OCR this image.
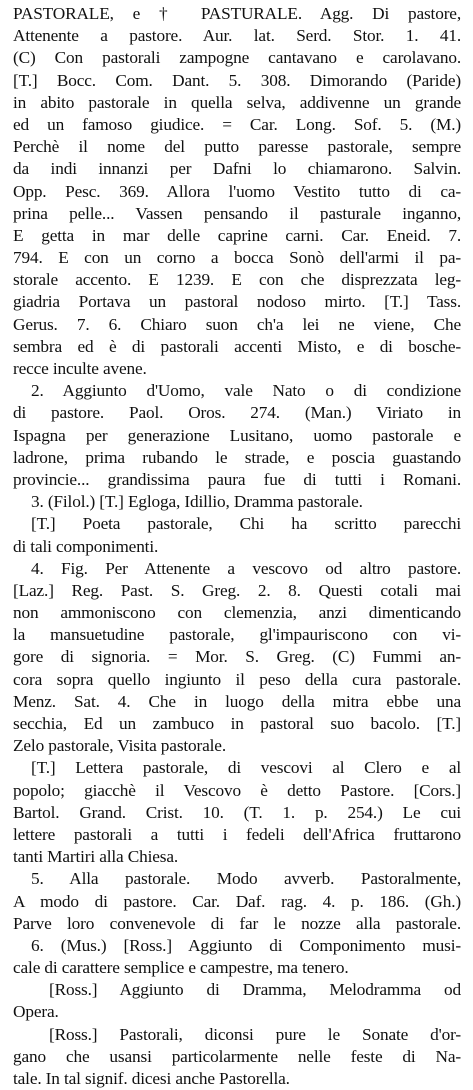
PASTORALE, e † PASTURALE. Agg. Di pastore,
Attenente a pastore. Aur. lat. Serd. Stor. 1. 41.
(C) Con pastorali zampogne cantavano e carolavano.
[T.] Bocc. Com. Dant. 5. 308. Dimorando (Paride)
in abito pastorale in quella selva, addivenne un grande
ed un famoso giudice. = Car. Long. Sof. 5. (M.)
Perchè il nome del putto paresse pastorale, sempre
da indi innanzi per Dafni lo chiamarono. Salvin.
Opp. Pesc. 369. Allora l'uomo Vestito tutto di ca-
prina pelle... Vassen pensando il pasturale inganno,
E getta in mar delle caprine carni. Car. Eneid. 7.
794. E con un corno a bocca Sonò dell'armi il pa-
storale accento. E 1239. E con che disprezzata leg-
giadria Portava un pastoral nodoso mirto. [T.] Tass.
Gerus. 7. 6. Chiaro suon ch'a lei ne viene, Che
sembra ed è di pastorali accenti Misto, e di bosche-
recce inculte avene.
2. Aggiunto d'Uomo, vale Nato o di condizione
di pastore. Paol. Oros. 274. (Man.) Viriato in
Ispagna per generazione Lusitano, uomo pastorale e
ladrone, prima rubando le strade, e poscia guastando
provincie... grandissima paura fue di tutti i Romani.
3. (Filol.) [T.] Egloga, Idillio, Dramma pastorale.
[T.] Poeta pastorale, Chi ha scritto parecchi
di tali componimenti.
4. Fig. Per Attenente a vescovo od altro pastore.
[Laz.] Reg. Past. S. Greg. 2. 8. Questi cotali mai
non ammoniscono con clemenzia, anzi dimenticando
la mansuetudine pastorale, gl'impauriscono con vi-
gore di signoria. = Mor. S. Greg. (C) Fummi an-
cora sopra quello ingiunto il peso della cura pastorale.
Menz. Sat. 4. Che in luogo della mitra ebbe una
secchia, Ed un zambuco in pastoral suo bacolo. [T.]
Zelo pastorale, Visita pastorale.
[T.] Lettera pastorale, di vescovi al Clero e al
popolo; giacchè il Vescovo è detto Pastore. [Cors.]
Bartol. Grand. Crist. 10. (T. 1. p. 254.) Le cui
lettere pastorali a tutti i fedeli dell'Africa fruttarono
tanti Martiri alla Chiesa.
5. Alla pastorale. Modo avverb. Pastoralmente,
A modo di pastore. Car. Daf. rag. 4. p. 186. (Gh.)
Parve loro convenevole di far le nozze alla pastorale.
6. (Mus.) [Ross.] Aggiunto di Componimento musi-
cale di carattere semplice e campestre, ma tenero.
[Ross.] Aggiunto di Dramma, Melodramma od
Opera.
[Ross.] Pastorali, diconsi pure le Sonate d'or-
gano che usansi particolarmente nelle feste di Na-
tale. In tal signif. dicesi anche Pastorella.
